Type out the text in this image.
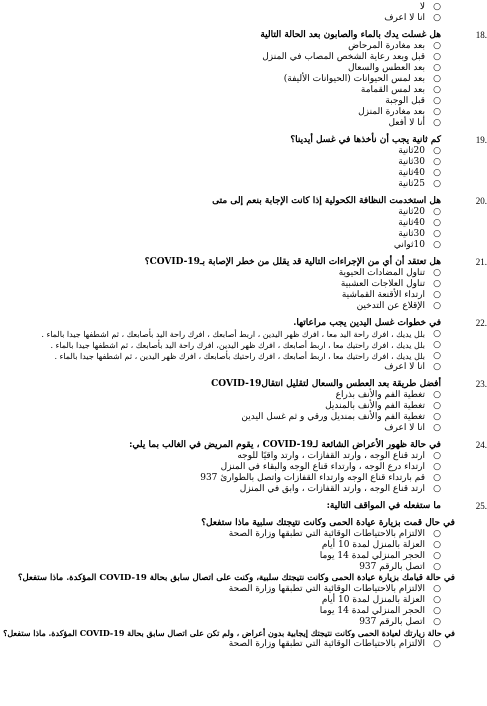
○
لا
○
انا لا اعرف
18.
هل غسلت يدك بالماء والصابون بعد الحالة التالية
○
بعد مغادرة المرحاض
○
قبل وبعد رعاية الشخص المصاب في المنزل
○
بعد العطس والسعال
○
بعد لمس الحيوانات (الحيوانات الأليفة)
○
بعد لمس القمامة
○
قبل الوجبة
○
بعد مغادرة المنزل
○
أنا لا أفعل
19.
كم ثانية يجب أن نأخذها في غسل أيدينا؟
○
20ثانية
○
30ثانية
○
40ثانية
○
25ثانية
20.
هل استخدمت النظافة الكحولية إذا كانت الإجابة بنعم إلى متى
○
20ثانية
○
40ثانية
○
30ثانية
○
10ثواني
21.
هل تعتقد أن أي من الإجراءات التالية قد يقلل من خطر الإصابة بـCOVID-19؟
○
تناول المضادات الحيوية
○
تناول العلاجات العشبية
○
ارتداء الأقنعة القماشية
○
الإقلاع عن التدخين
22.
في خطوات غسل اليدين يجب مراعاتها.
○
بلل يديك ، افرك راحة اليد معا ، افرك ظهر اليدين ، اربط أصابعك ، افرك راحة اليد بأصابعك ، ثم اشطفها جيدا بالماء .
○
بلل يديك ، افرك راحتيك معا ، اربط أصابعك ، افرك ظهر اليدين، افرك راحة اليد بأصابعك ، ثم اشطفها جيدا بالماء .
○
بلل يديك ، افرك راحتيك معا ، اربط أصابعك ، افرك راحتيك بأصابعك ، افرك ظهر اليدين ، ثم اشطفها جيدا بالماء .
○
انا لا اعرف
23.
أفضل طريقة بعد العطس والسعال لتقليل انتقالCOVID-19
○
تغطية الفم والأنف بذراع
○
تغطية الفم والأنف بالمنديل
○
تغطية الفم والأنف بمنديل ورقي و ثم غسل اليدين
○
انا لا اعرف
24.
في حالة ظهور الأعراض الشائعة لـCOVID-19 ، يقوم المريض في الغالب بما يلي:
○
ارتد قناع الوجه ، وارتد القفازات ، وارتد واقيًا للوجه
○
ارتداء درع الوجه ، وارتداء قناع الوجه والبقاء في المنزل
○
قم بارتداء قناع الوجه وارتداء القفازات واتصل بالطوارئ 937
○
ارتد قناع الوجه ، وارتد القفازات ، وابق في المنزل
25.
ما ستفعله في المواقف التالية:
في حال قمت بزيارة عيادة الحمى وكانت نتيجتك سلبية ماذا ستفعل؟
○
الالتزام بالاحتياطات الوقائية التي تطبقها وزارة الصحة
○
العزلة بالمنزل لمدة 10 أيام
○
الحجر المنزلي لمدة 14 يوما
○
اتصل بالرقم 937
في حالة قيامك بزيارة عيادة الحمى وكانت نتيجتك سلبية، وكنت على اتصال سابق بحالة COVID-19 المؤكدة. ماذا ستفعل؟
○
الالتزام بالاحتياطات الوقائية التي تطبقها وزارة الصحة
○
العزلة بالمنزل لمدة 10 أيام
○
الحجر المنزلي لمدة 14 يوما
○
اتصل بالرقم 937
في حالة زيارتك لعيادة الحمى وكانت نتيجتك إيجابية بدون أعراض ، ولم تكن على اتصال سابق بحالة COVID-19 المؤكدة. ماذا ستفعل؟
○
الالتزام بالاحتياطات الوقائية التي تطبقها وزارة الصحة
